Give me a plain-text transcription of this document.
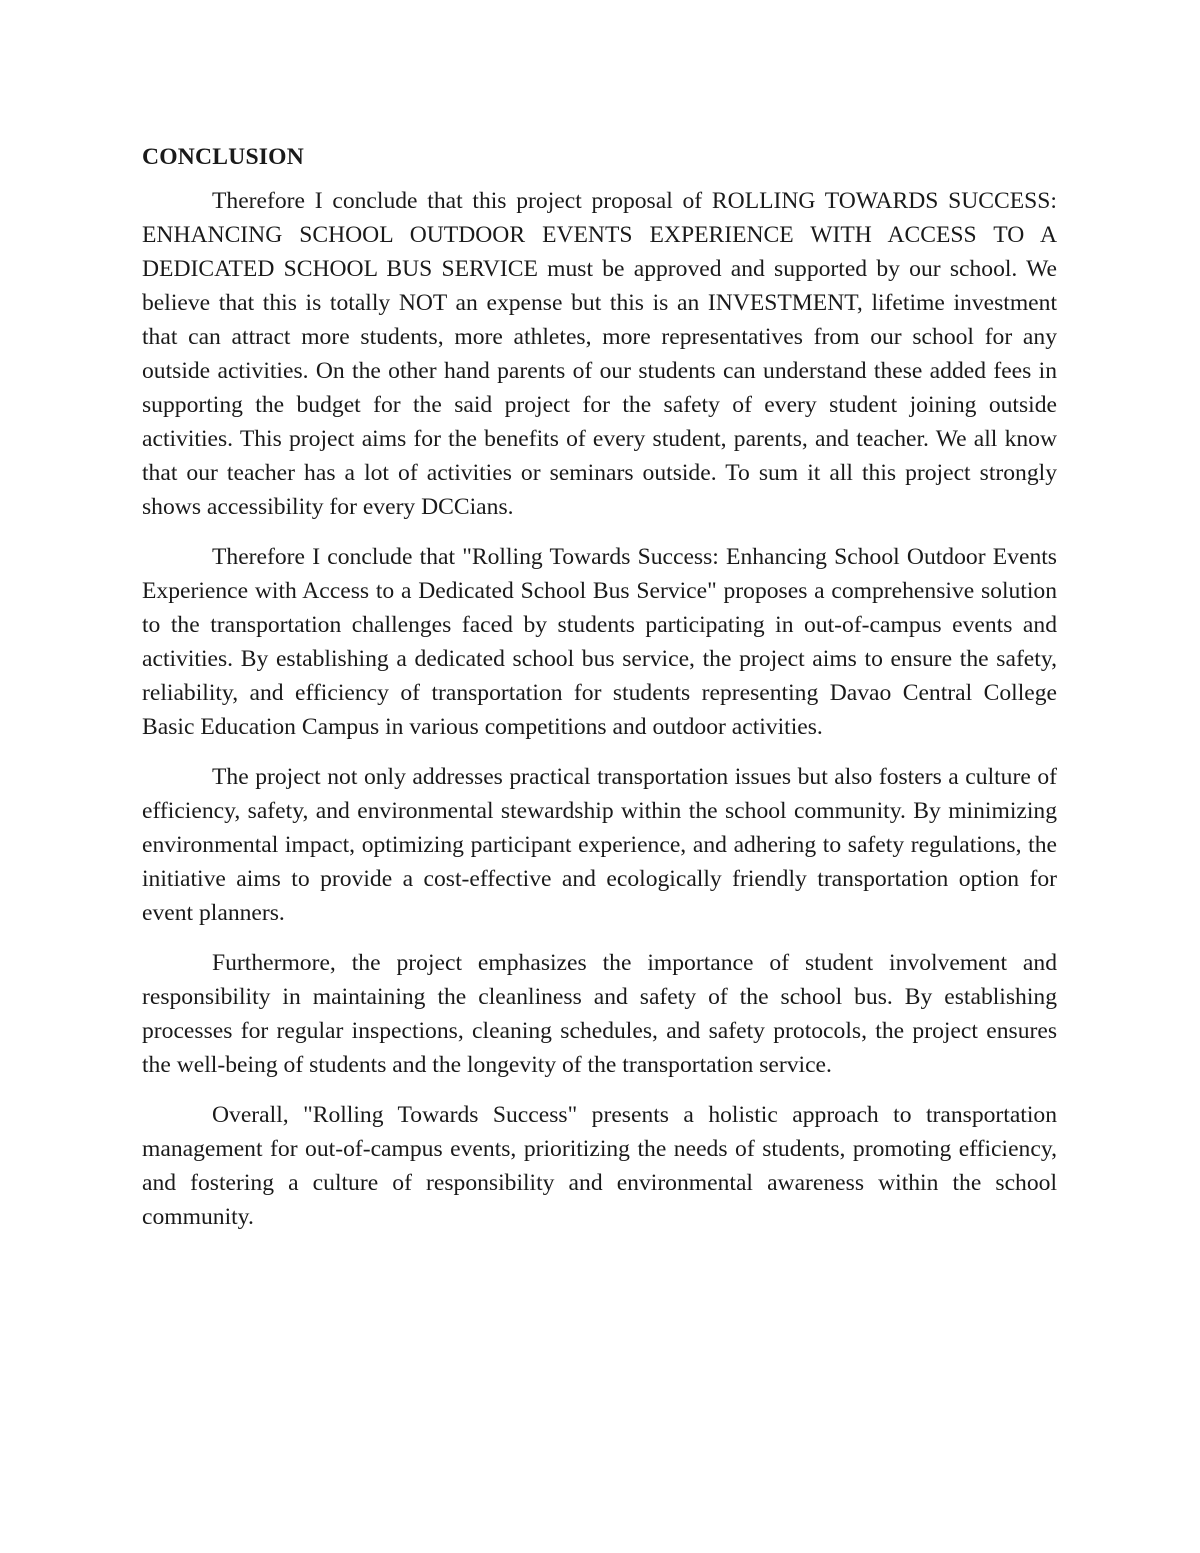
CONCLUSION

Therefore I conclude that this project proposal of ROLLING TOWARDS SUCCESS: ENHANCING SCHOOL OUTDOOR EVENTS EXPERIENCE WITH ACCESS TO A DEDICATED SCHOOL BUS SERVICE must be approved and supported by our school. We believe that this is totally NOT an expense but this is an INVESTMENT, lifetime investment that can attract more students, more athletes, more representatives from our school for any outside activities. On the other hand parents of our students can understand these added fees in supporting the budget for the said project for the safety of every student joining outside activities. This project aims for the benefits of every student, parents, and teacher. We all know that our teacher has a lot of activities or seminars outside. To sum it all this project strongly shows accessibility for every DCCians.

Therefore I conclude that "Rolling Towards Success: Enhancing School Outdoor Events Experience with Access to a Dedicated School Bus Service" proposes a comprehensive solution to the transportation challenges faced by students participating in out-of-campus events and activities. By establishing a dedicated school bus service, the project aims to ensure the safety, reliability, and efficiency of transportation for students representing Davao Central College Basic Education Campus in various competitions and outdoor activities.

The project not only addresses practical transportation issues but also fosters a culture of efficiency, safety, and environmental stewardship within the school community. By minimizing environmental impact, optimizing participant experience, and adhering to safety regulations, the initiative aims to provide a cost-effective and ecologically friendly transportation option for event planners.

Furthermore, the project emphasizes the importance of student involvement and responsibility in maintaining the cleanliness and safety of the school bus. By establishing processes for regular inspections, cleaning schedules, and safety protocols, the project ensures the well-being of students and the longevity of the transportation service.

Overall, "Rolling Towards Success" presents a holistic approach to transportation management for out-of-campus events, prioritizing the needs of students, promoting efficiency, and fostering a culture of responsibility and environmental awareness within the school community.
